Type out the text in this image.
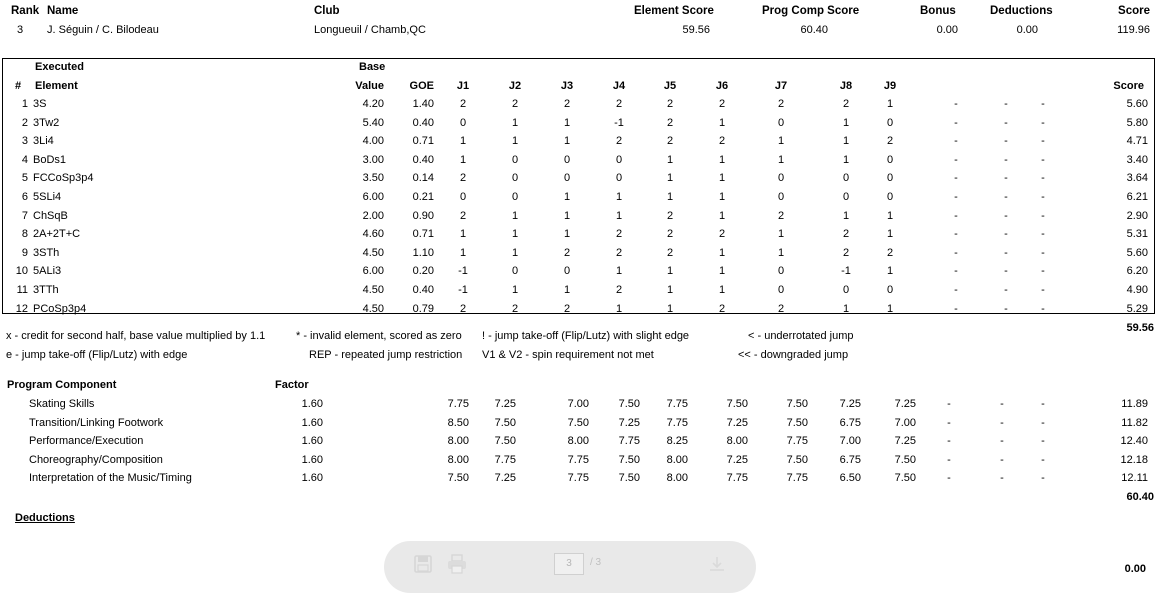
Rank Name	Club	Element Score	Prog Comp Score	Bonus	Deductions	Score
3 J. Séguin / C. Bilodeau	Longueuil / Chamb,QC	59.56	60.40	0.00	0.00	119.96
Executed	Base
# Element	Value	GOE	J1	J2	J3	J4	J5	J6	J7	J8	J9	Score
1 3S	4.20	1.40	2	2	2	2	2	2	2	2	1	-	-	-	5.60
2 3Tw2	5.40	0.40	0	1	1	-1	2	1	0	1	0	-	-	-	5.80
3 3Li4	4.00	0.71	1	1	1	2	2	2	1	1	2	-	-	-	4.71
4 BoDs1	3.00	0.40	1	0	0	0	1	1	1	1	0	-	-	-	3.40
5 FCCoSp3p4	3.50	0.14	2	0	0	0	1	1	0	0	0	-	-	-	3.64
6 5SLi4	6.00	0.21	0	0	1	1	1	1	0	0	0	-	-	-	6.21
7 ChSqB	2.00	0.90	2	1	1	1	2	1	2	1	1	-	-	-	2.90
8 2A+2T+C	4.60	0.71	1	1	1	2	2	2	1	2	1	-	-	-	5.31
9 3STh	4.50	1.10	1	1	2	2	2	1	1	2	2	-	-	-	5.60
10 5ALi3	6.00	0.20	-1	0	0	1	1	1	0	-1	1	-	-	-	6.20
11 3TTh	4.50	0.40	-1	1	1	2	1	1	0	0	0	-	-	-	4.90
12 PCoSp3p4	4.50	0.79	2	2	2	1	1	2	2	1	1	-	-	-	5.29
59.56
x - credit for second half, base value multiplied by 1.1	* - invalid element, scored as zero ! - jump take-off (Flip/Lutz) with slight edge	< - underrotated jump
e - jump take-off (Flip/Lutz) with edge	REP - repeated jump restriction V1 & V2 - spin requirement not met	<< - downgraded jump
Program Component	Factor
Skating Skills	1.60	7.75	7.25	7.00	7.50	7.75	7.50	7.50	7.25	7.25	-	-	-	11.89
Transition/Linking Footwork	1.60	8.50	7.50	7.50	7.25	7.75	7.25	7.50	6.75	7.00	-	-	-	11.82
Performance/Execution	1.60	8.00	7.50	8.00	7.75	8.25	8.00	7.75	7.00	7.25	-	-	-	12.40
Choreography/Composition	1.60	8.00	7.75	7.75	7.50	8.00	7.25	7.50	6.75	7.50	-	-	-	12.18
Interpretation of the Music/Timing	1.60	7.50	7.25	7.75	7.50	8.00	7.75	7.75	6.50	7.50	-	-	-	12.11
60.40
Deductions
0.00
3	/ 3
